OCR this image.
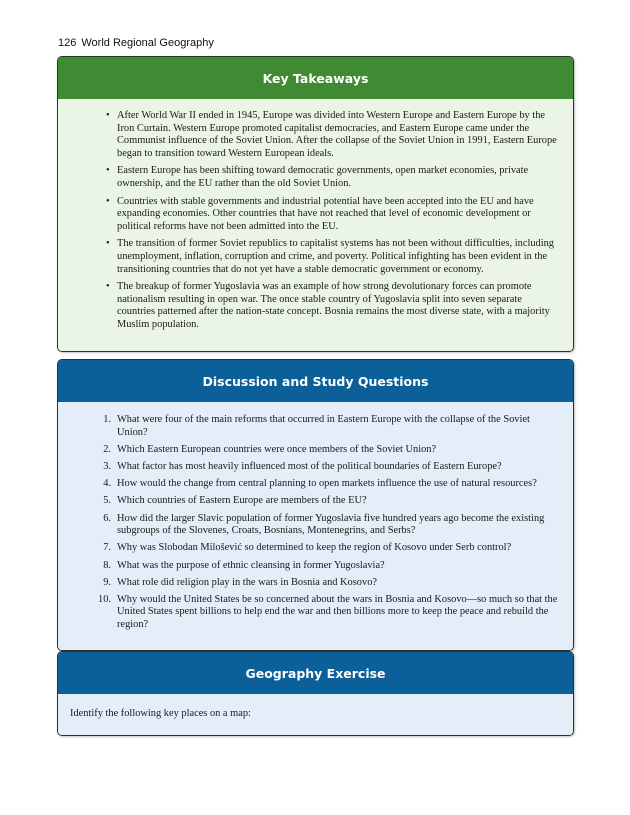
126 World Regional Geography
Key Takeaways
• After World War II ended in 1945, Europe was divided into Western Europe and Eastern Europe by the Iron Curtain. Western Europe promoted capitalist democracies, and Eastern Europe came under the Communist influence of the Soviet Union. After the collapse of the Soviet Union in 1991, Eastern Europe began to transition toward Western European ideals.
• Eastern Europe has been shifting toward democratic governments, open market economies, private ownership, and the EU rather than the old Soviet Union.
• Countries with stable governments and industrial potential have been accepted into the EU and have expanding economies. Other countries that have not reached that level of economic development or political reforms have not been admitted into the EU.
• The transition of former Soviet republics to capitalist systems has not been without difficulties, including unemployment, inflation, corruption and crime, and poverty. Political infighting has been evident in the transitioning countries that do not yet have a stable democratic government or economy.
• The breakup of former Yugoslavia was an example of how strong devolutionary forces can promote nationalism resulting in open war. The once stable country of Yugoslavia split into seven separate countries patterned after the nation-state concept. Bosnia remains the most diverse state, with a majority Muslim population.
Discussion and Study Questions
1. What were four of the main reforms that occurred in Eastern Europe with the collapse of the Soviet Union?
2. Which Eastern European countries were once members of the Soviet Union?
3. What factor has most heavily influenced most of the political boundaries of Eastern Europe?
4. How would the change from central planning to open markets influence the use of natural resources?
5. Which countries of Eastern Europe are members of the EU?
6. How did the larger Slavic population of former Yugoslavia five hundred years ago become the existing subgroups of the Slovenes, Croats, Bosnians, Montenegrins, and Serbs?
7. Why was Slobodan Milošević so determined to keep the region of Kosovo under Serb control?
8. What was the purpose of ethnic cleansing in former Yugoslavia?
9. What role did religion play in the wars in Bosnia and Kosovo?
10. Why would the United States be so concerned about the wars in Bosnia and Kosovo—so much so that the United States spent billions to help end the war and then billions more to keep the peace and rebuild the region?
Geography Exercise
Identify the following key places on a map:
